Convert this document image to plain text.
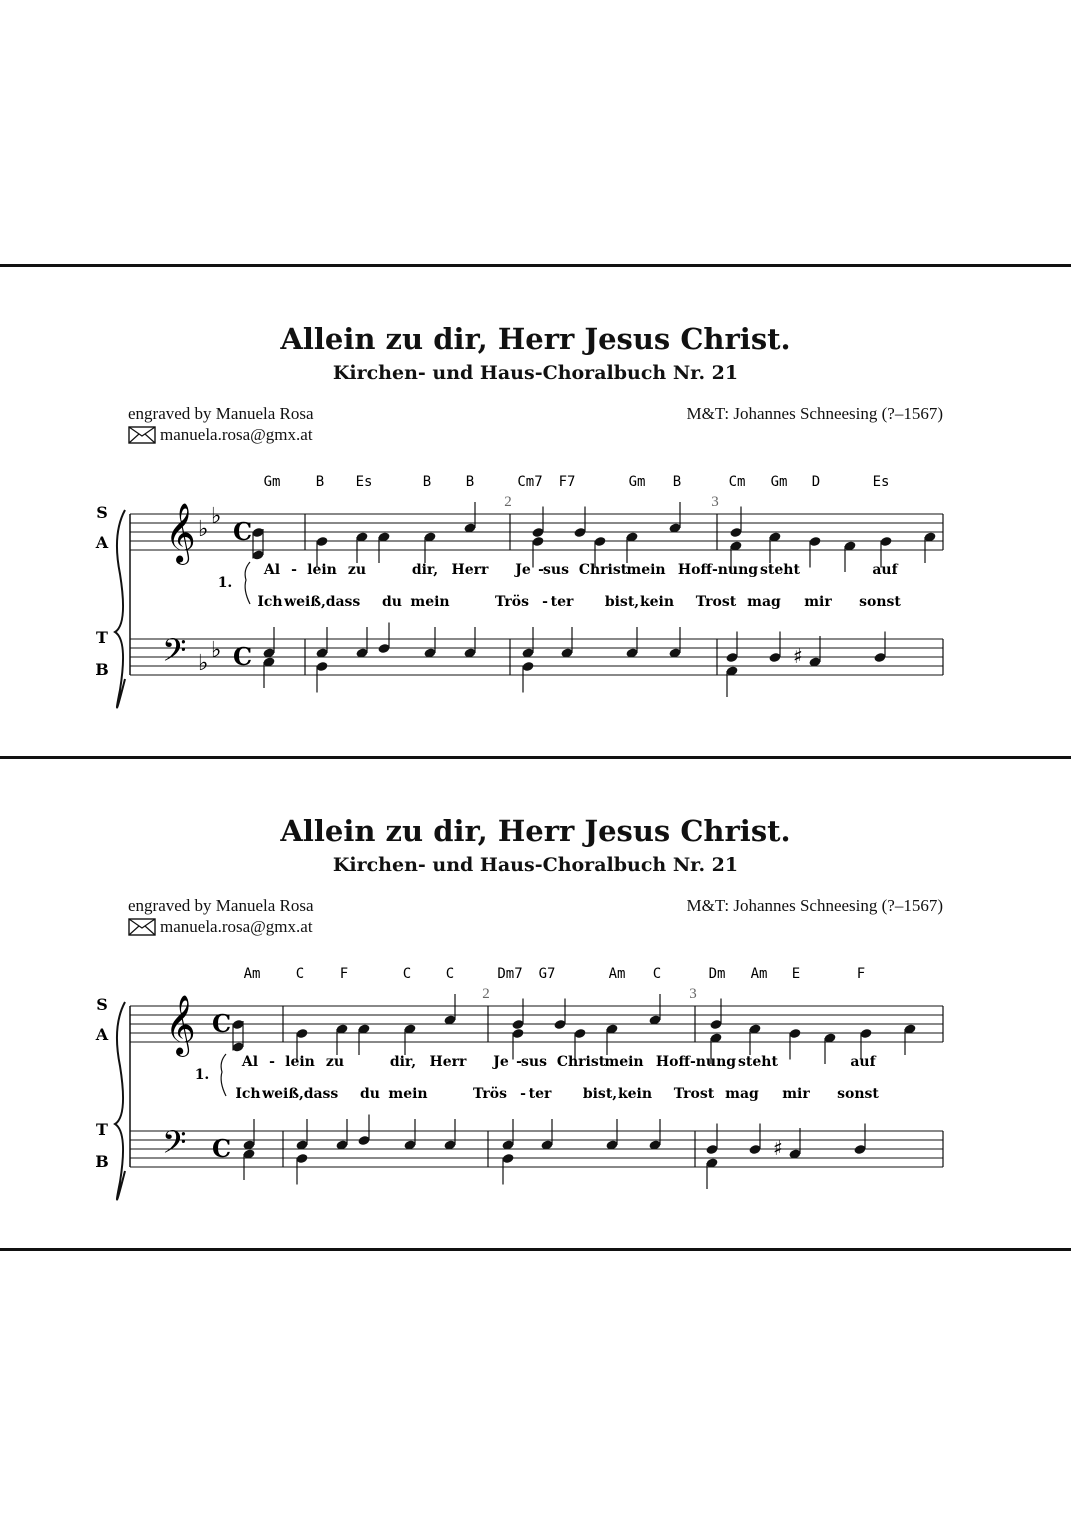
Allein zu dir, Herr Jesus Christ.
Kirchen- und Haus-Choralbuch Nr. 21
engraved by Manuela Rosa	M&T: Johannes Schneesing (?–1567)
manuela.rosa@gmx.at
Gm	B Es	B B	Cm7 F7	Gm B	Cm Gm D	Es
𝄞
𝄢
♭
♭
♭
♭
C
C
2	3
S
A
T
B
♯
1.
Al - lein zu	dir, Herr Je - sus Christ mein Hoff-nung steht	auf
Ich weiß, dass du mein	Trös - ter bist, kein Trost mag mir sonst
Allein zu dir, Herr Jesus Christ.
Kirchen- und Haus-Choralbuch Nr. 21
engraved by Manuela Rosa	M&T: Johannes Schneesing (?–1567)
manuela.rosa@gmx.at
Am	C	F	C C	Dm7 G7	Am C	Dm Am E	F
𝄞
𝄢
C
C
2	3
S
A
T
B
♯
1.
Al - lein zu	dir, Herr Je - sus Christ mein Hoff-nung steht	auf
Ich weiß, dass du mein	Trös - ter bist, kein Trost mag mir sonst
